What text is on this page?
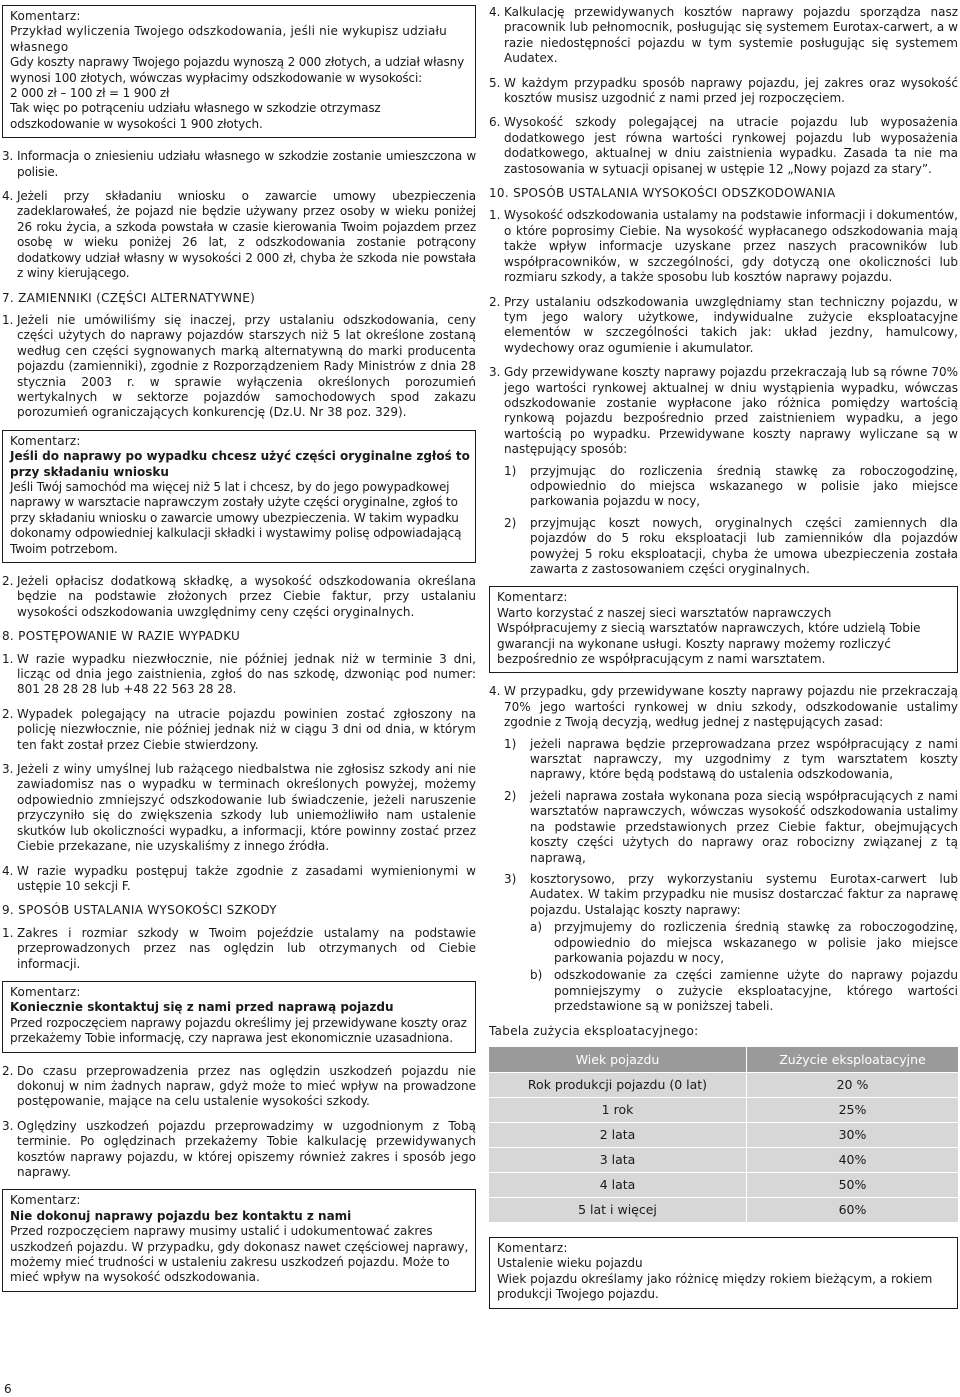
Komentarz:

Przykład wyliczenia Twojego odszkodowania, jeśli nie wykupisz udziału własnego

Gdy koszty naprawy Twojego pojazdu wynoszą 2 000 złotych, a udział własny wynosi 100 złotych, wówczas wypłacimy odszkodowanie w wysokości:

2 000 zł – 100 zł = 1 900 zł

Tak więc po potrąceniu udziału własnego w szkodzie otrzymasz odszkodowanie w wysokości 1 900 złotych.

3. Informacja o zniesieniu udziału własnego w szkodzie zostanie umieszczona w polisie.
4. Jeżeli przy składaniu wniosku o zawarcie umowy ubezpieczenia zadeklarowałeś, że pojazd nie będzie używany przez osoby w wieku poniżej 26 roku życia, a szkoda powstała w czasie kierowania Twoim pojazdem przez osobę w wieku poniżej 26 lat, z odszkodowania zostanie potrącony dodatkowy udział własny w wysokości 2 000 zł, chyba że szkoda nie powstała z winy kierującego.

7. ZAMIENNIKI (CZĘŚCI ALTERNATYWNE)

1. Jeżeli nie umówiliśmy się inaczej, przy ustalaniu odszkodowania, ceny części użytych do naprawy pojazdów starszych niż 5 lat określone zostaną według cen części sygnowanych marką alternatywną do marki producenta pojazdu (zamienniki), zgodnie z Rozporządzeniem Rady Ministrów z dnia 28 stycznia 2003 r. w sprawie wyłączenia określonych porozumień wertykalnych w sektorze pojazdów samochodowych spod zakazu porozumień ograniczających konkurencję (Dz.U. Nr 38 poz. 329).

Komentarz:

Jeśli do naprawy po wypadku chcesz użyć części oryginalne zgłoś to przy składaniu wniosku

Jeśli Twój samochód ma więcej niż 5 lat i chcesz, by do jego powypadkowej naprawy w warsztacie naprawczym zostały użyte części oryginalne, zgłoś to przy składaniu wniosku o zawarcie umowy ubezpieczenia. W takim wypadku dokonamy odpowiedniej kalkulacji składki i wystawimy polisę odpowiadającą Twoim potrzebom.

2. Jeżeli opłacisz dodatkową składkę, a wysokość odszkodowania określana będzie na podstawie złożonych przez Ciebie faktur, przy ustalaniu wysokości odszkodowania uwzględnimy ceny części oryginalnych.

8. POSTĘPOWANIE W RAZIE WYPADKU

1. W razie wypadku niezwłocznie, nie później jednak niż w terminie 3 dni, licząc od dnia jego zaistnienia, zgłoś do nas szkodę, dzwoniąc pod numer: 801 28 28 28 lub +48 22 563 28 28.
2. Wypadek polegający na utracie pojazdu powinien zostać zgłoszony na policję niezwłocznie, nie później jednak niż w ciągu 3 dni od dnia, w którym ten fakt został przez Ciebie stwierdzony.
3. Jeżeli z winy umyślnej lub rażącego niedbalstwa nie zgłosisz szkody ani nie zawiadomisz nas o wypadku w terminach określonych powyżej, możemy odpowiednio zmniejszyć odszkodowanie lub świadczenie, jeżeli naruszenie przyczyniło się do zwiększenia szkody lub uniemożliwiło nam ustalenie skutków lub okoliczności wypadku, a informacji, które powinny zostać przez Ciebie przekazane, nie uzyskaliśmy z innego źródła.
4. W razie wypadku postępuj także zgodnie z zasadami wymienionymi w ustępie 10 sekcji F.

9. SPOSÓB USTALANIA WYSOKOŚCI SZKODY

1. Zakres i rozmiar szkody w Twoim pojeździe ustalamy na podstawie przeprowadzonych przez nas oględzin lub otrzymanych od Ciebie informacji.

Komentarz:

Koniecznie skontaktuj się z nami przed naprawą pojazdu

Przed rozpoczęciem naprawy pojazdu określimy jej przewidywane koszty oraz przekażemy Tobie informację, czy naprawa jest ekonomicznie uzasadniona.

2. Do czasu przeprowadzenia przez nas oględzin uszkodzeń pojazdu nie dokonuj w nim żadnych napraw, gdyż może to mieć wpływ na prowadzone postępowanie, mające na celu ustalenie wysokości szkody.
3. Oględziny uszkodzeń pojazdu przeprowadzimy w uzgodnionym z Tobą terminie. Po oględzinach przekażemy Tobie kalkulację przewidywanych kosztów naprawy pojazdu, w której opiszemy również zakres i sposób jego naprawy.

Komentarz:

Nie dokonuj naprawy pojazdu bez kontaktu z nami

Przed rozpoczęciem naprawy musimy ustalić i udokumentować zakres uszkodzeń pojazdu. W przypadku, gdy dokonasz nawet częściowej naprawy, możemy mieć trudności w ustaleniu zakresu uszkodzeń pojazdu. Może to mieć wpływ na wysokość odszkodowania.

4. Kalkulację przewidywanych kosztów naprawy pojazdu sporządza nasz pracownik lub pełnomocnik, posługując się systemem Eurotax-carwert, a w razie niedostępności pojazdu w tym systemie posługując się systemem Audatex.
5. W każdym przypadku sposób naprawy pojazdu, jej zakres oraz wysokość kosztów musisz uzgodnić z nami przed jej rozpoczęciem.
6. Wysokość szkody polegającej na utracie pojazdu lub wyposażenia dodatkowego jest równa wartości rynkowej pojazdu lub wyposażenia dodatkowego, aktualnej w dniu zaistnienia wypadku. Zasada ta nie ma zastosowania w sytuacji opisanej w ustępie 12 „Nowy pojazd za stary”.

10. SPOSÓB USTALANIA WYSOKOŚCI ODSZKODOWANIA

1. Wysokość odszkodowania ustalamy na podstawie informacji i dokumentów, o które poprosimy Ciebie. Na wysokość wypłacanego odszkodowania mają także wpływ informacje uzyskane przez naszych pracowników lub współpracowników, w szczególności, gdy dotyczą one okoliczności lub rozmiaru szkody, a także sposobu lub kosztów naprawy pojazdu.
2. Przy ustalaniu odszkodowania uwzględniamy stan techniczny pojazdu, w tym jego walory użytkowe, indywidualne zużycie eksploatacyjne elementów w szczególności takich jak: układ jezdny, hamulcowy, wydechowy oraz ogumienie i akumulator.
3. Gdy przewidywane koszty naprawy pojazdu przekraczają lub są równe 70% jego wartości rynkowej aktualnej w dniu wystąpienia wypadku, wówczas odszkodowanie zostanie wypłacone jako różnica pomiędzy wartością rynkową pojazdu bezpośrednio przed zaistnieniem wypadku, a jego wartością po wypadku. Przewidywane koszty naprawy wyliczane są w następujący sposób:
1)	przyjmując do rozliczenia średnią stawkę za roboczogodzinę, odpowiednio do miejsca wskazanego w polisie jako miejsce parkowania pojazdu w nocy,
2)	przyjmując koszt nowych, oryginalnych części zamiennych dla pojazdów do 5 roku eksploatacji lub zamienników dla pojazdów powyżej 5 roku eksploatacji, chyba że umowa ubezpieczenia została zawarta z zastosowaniem części oryginalnych.

Komentarz:

Warto korzystać z naszej sieci warsztatów naprawczych

Współpracujemy z siecią warsztatów naprawczych, które udzielą Tobie gwarancji na wykonane usługi. Koszty naprawy możemy rozliczyć bezpośrednio ze współpracującym z nami warsztatem.

4. W przypadku, gdy przewidywane koszty naprawy pojazdu nie przekraczają 70% jego wartości rynkowej w dniu szkody, odszkodowanie ustalimy zgodnie z Twoją decyzją, według jednej z następujących zasad:
1)	jeżeli naprawa będzie przeprowadzana przez współpracujący z nami warsztat naprawczy, my uzgodnimy z tym warsztatem koszty naprawy, które będą podstawą do ustalenia odszkodowania,
2)	jeżeli naprawa została wykonana poza siecią współpracujących z nami warsztatów naprawczych, wówczas wysokość odszkodowania ustalimy na podstawie przedstawionych przez Ciebie faktur, obejmujących koszty części użytych do naprawy oraz robocizny związanej z tą naprawą,
3)	kosztorysowo, przy wykorzystaniu systemu Eurotax-carwert lub Audatex. W takim przypadku nie musisz dostarczać faktur za naprawę pojazdu. Ustalając koszty naprawy:
a) przyjmujemy do rozliczenia średnią stawkę za roboczogodzinę, odpowiednio do miejsca wskazanego w polisie jako miejsce parkowania pojazdu w nocy,
b) odszkodowanie za części zamienne użyte do naprawy pojazdu pomniejszymy o zużycie eksploatacyjne, którego wartości przedstawione są w poniższej tabeli.

Tabela zużycia eksploatacyjnego:

Wiek pojazdu	Zużycie eksploatacyjne
Rok produkcji pojazdu (0 lat)	20 %
1 rok	25%
2 lata	30%
3 lata	40%
4 lata	50%
5 lat i więcej	60%

Komentarz:

Ustalenie wieku pojazdu

Wiek pojazdu określamy jako różnicę między rokiem bieżącym, a rokiem produkcji Twojego pojazdu.

6
